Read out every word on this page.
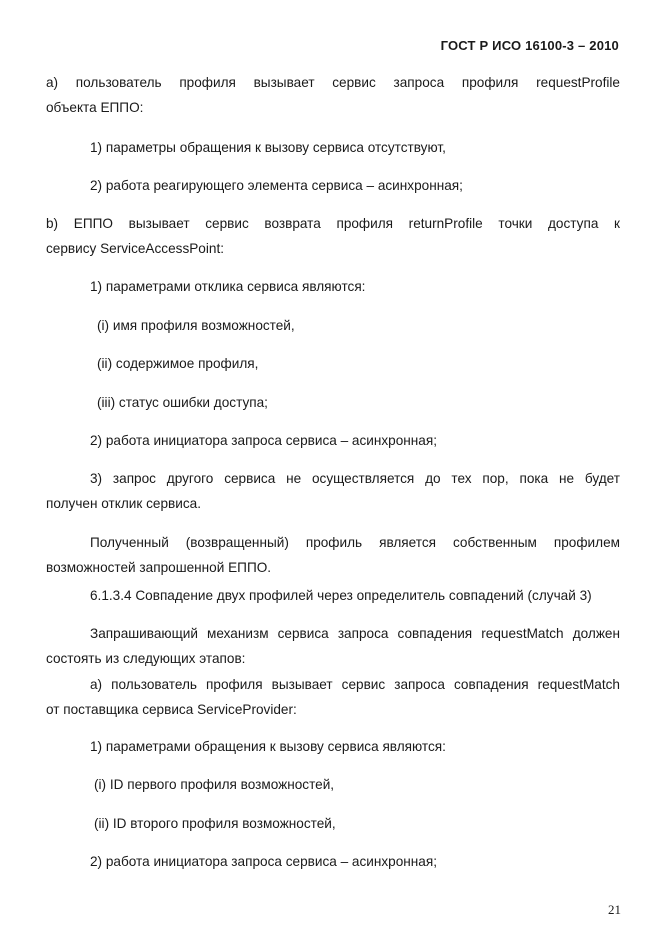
ГОСТ Р ИСО 16100-3 – 2010
a) пользователь профиля вызывает сервис запроса профиля requestProfile
объекта ЕППО:
1) параметры обращения к вызову сервиса отсутствуют,
2) работа реагирующего элемента сервиса – асинхронная;
b) ЕППО вызывает сервис возврата профиля returnProfile точки доступа к
сервису ServiceAccessPoint:
1) параметрами отклика сервиса являются:
(i) имя профиля возможностей,
(ii) содержимое профиля,
(iii) статус ошибки доступа;
2) работа инициатора запроса сервиса – асинхронная;
3) запрос другого сервиса не осуществляется до тех пор, пока не будет
получен отклик сервиса.
Полученный (возвращенный) профиль является собственным профилем
возможностей запрошенной ЕППО.
6.1.3.4 Совпадение двух профилей через определитель совпадений (случай 3)
Запрашивающий механизм сервиса запроса совпадения requestMatch должен
состоять из следующих этапов:
a) пользователь профиля вызывает сервис запроса совпадения requestMatch
от поставщика сервиса ServiceProvider:
1) параметрами обращения к вызову сервиса являются:
(i) ID первого профиля возможностей,
(ii) ID второго профиля возможностей,
2) работа инициатора запроса сервиса – асинхронная;
21
